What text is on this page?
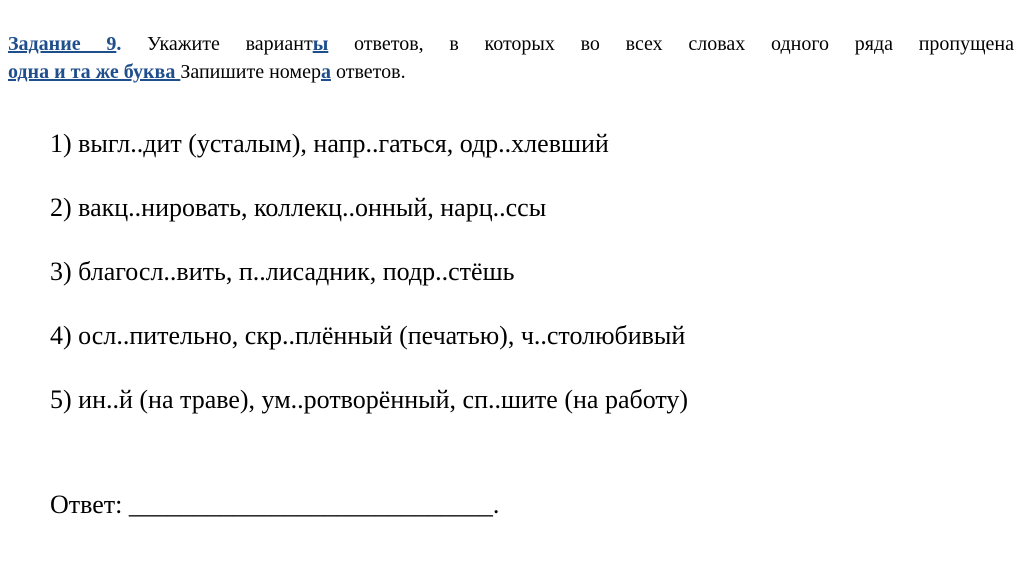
Задание 9. Укажите варианты ответов, в которых во всех словах одного ряда пропущена
одна и та же буква Запишите номера ответов.
1) выгл..дит (усталым), напр..гаться, одр..хлевший
2) вакц..нировать, коллекц..онный, нарц..ссы
3) благосл..вить, п..лисадник, подр..стёшь
4) осл..пительно, скр..плённый (печатью), ч..столюбивый
5) ин..й (на траве), ум..ротворённый, сп..шите (на работу)
Ответ: ____________________________.
